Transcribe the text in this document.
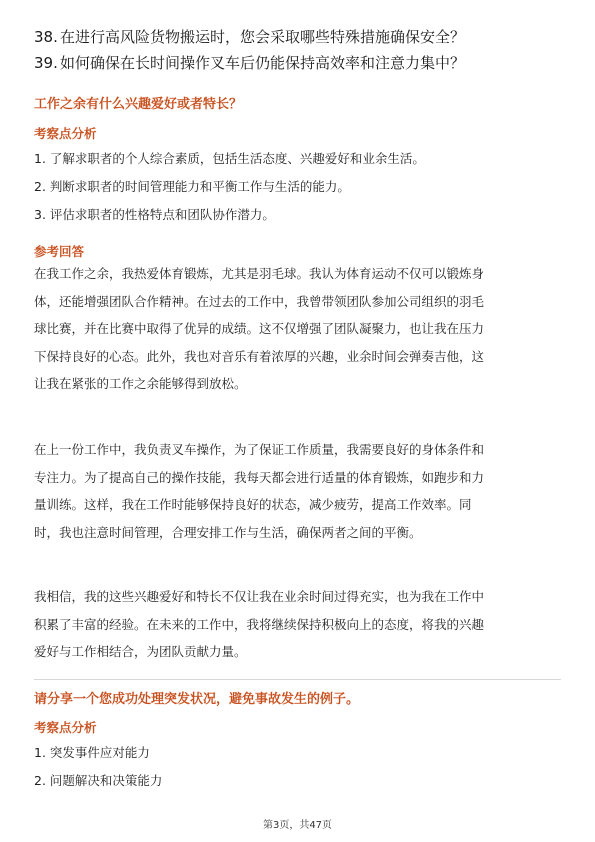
38. 在进行高风险货物搬运时，您会采取哪些特殊措施确保安全？
39. 如何确保在长时间操作叉车后仍能保持高效率和注意力集中？
工作之余有什么兴趣爱好或者特长？
考察点分析
1. 了解求职者的个人综合素质，包括生活态度、兴趣爱好和业余生活。
2. 判断求职者的时间管理能力和平衡工作与生活的能力。
3. 评估求职者的性格特点和团队协作潜力。
参考回答
在我工作之余，我热爱体育锻炼，尤其是羽毛球。我认为体育运动不仅可以锻炼身
体，还能增强团队合作精神。在过去的工作中，我曾带领团队参加公司组织的羽毛
球比赛，并在比赛中取得了优异的成绩。这不仅增强了团队凝聚力，也让我在压力
下保持良好的心态。此外，我也对音乐有着浓厚的兴趣，业余时间会弹奏吉他，这
让我在紧张的工作之余能够得到放松。
在上一份工作中，我负责叉车操作，为了保证工作质量，我需要良好的身体条件和
专注力。为了提高自己的操作技能，我每天都会进行适量的体育锻炼，如跑步和力
量训练。这样，我在工作时能够保持良好的状态，减少疲劳，提高工作效率。同
时，我也注意时间管理，合理安排工作与生活，确保两者之间的平衡。
我相信，我的这些兴趣爱好和特长不仅让我在业余时间过得充实，也为我在工作中
积累了丰富的经验。在未来的工作中，我将继续保持积极向上的态度，将我的兴趣
爱好与工作相结合，为团队贡献力量。
请分享一个您成功处理突发状况，避免事故发生的例子。
考察点分析
1. 突发事件应对能力
2. 问题解决和决策能力
第3页，共47页
